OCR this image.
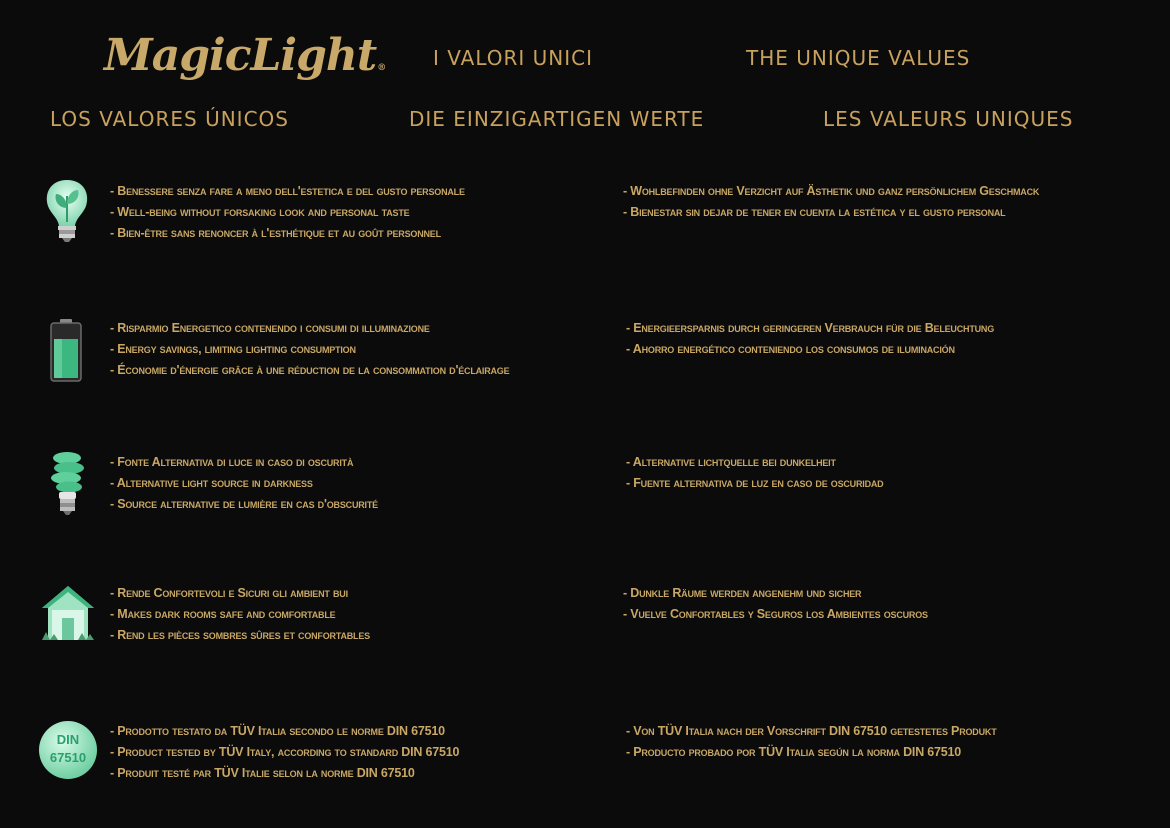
MagicLight® I VALORI UNICI	THE UNIQUE VALUES
LOS VALORES ÚNICOS	DIE EINZIGARTIGEN WERTE	LES VALEURS UNIQUES
- Benessere senza fare a meno dell'estetica e del gusto personale
- Well-being without forsaking look and personal taste
- Bien-être sans renoncer à l'esthétique et au goût personnel
- Wohlbefinden ohne Verzicht auf Ästhetik und ganz persönlichem Geschmack
- Bienestar sin dejar de tener en cuenta la estética y el gusto personal
- Risparmio Energetico contenendo i consumi di illuminazione
- Energy savings, limiting lighting consumption
- Économie d'énergie grâce à une réduction de la consommation d'éclairage
- Energieersparnis durch geringeren Verbrauch für die Beleuchtung
- Ahorro energético conteniendo los consumos de iluminación
- Fonte Alternativa di luce in caso di oscurità
- Alternative light source in darkness
- Source alternative de lumière en cas d'obscurité
- Alternative lichtquelle bei dunkelheit
- Fuente alternativa de luz en caso de oscuridad
- Rende Confortevoli e Sicuri gli ambient bui
- Makes dark rooms safe and comfortable
- Rend les pièces sombres sûres et confortables
- Dunkle Räume werden angenehm und sicher
- Vuelve Confortables y Seguros los Ambientes oscuros
DIN
67510
- Prodotto testato da TÜV Italia secondo le norme DIN 67510
- Product tested by TÜV Italy, according to standard DIN 67510
- Produit testé par TÜV Italie selon la norme DIN 67510
- Von TÜV Italia nach der Vorschrift DIN 67510 getestetes Produkt
- Producto probado por TÜV Italia según la norma DIN 67510
